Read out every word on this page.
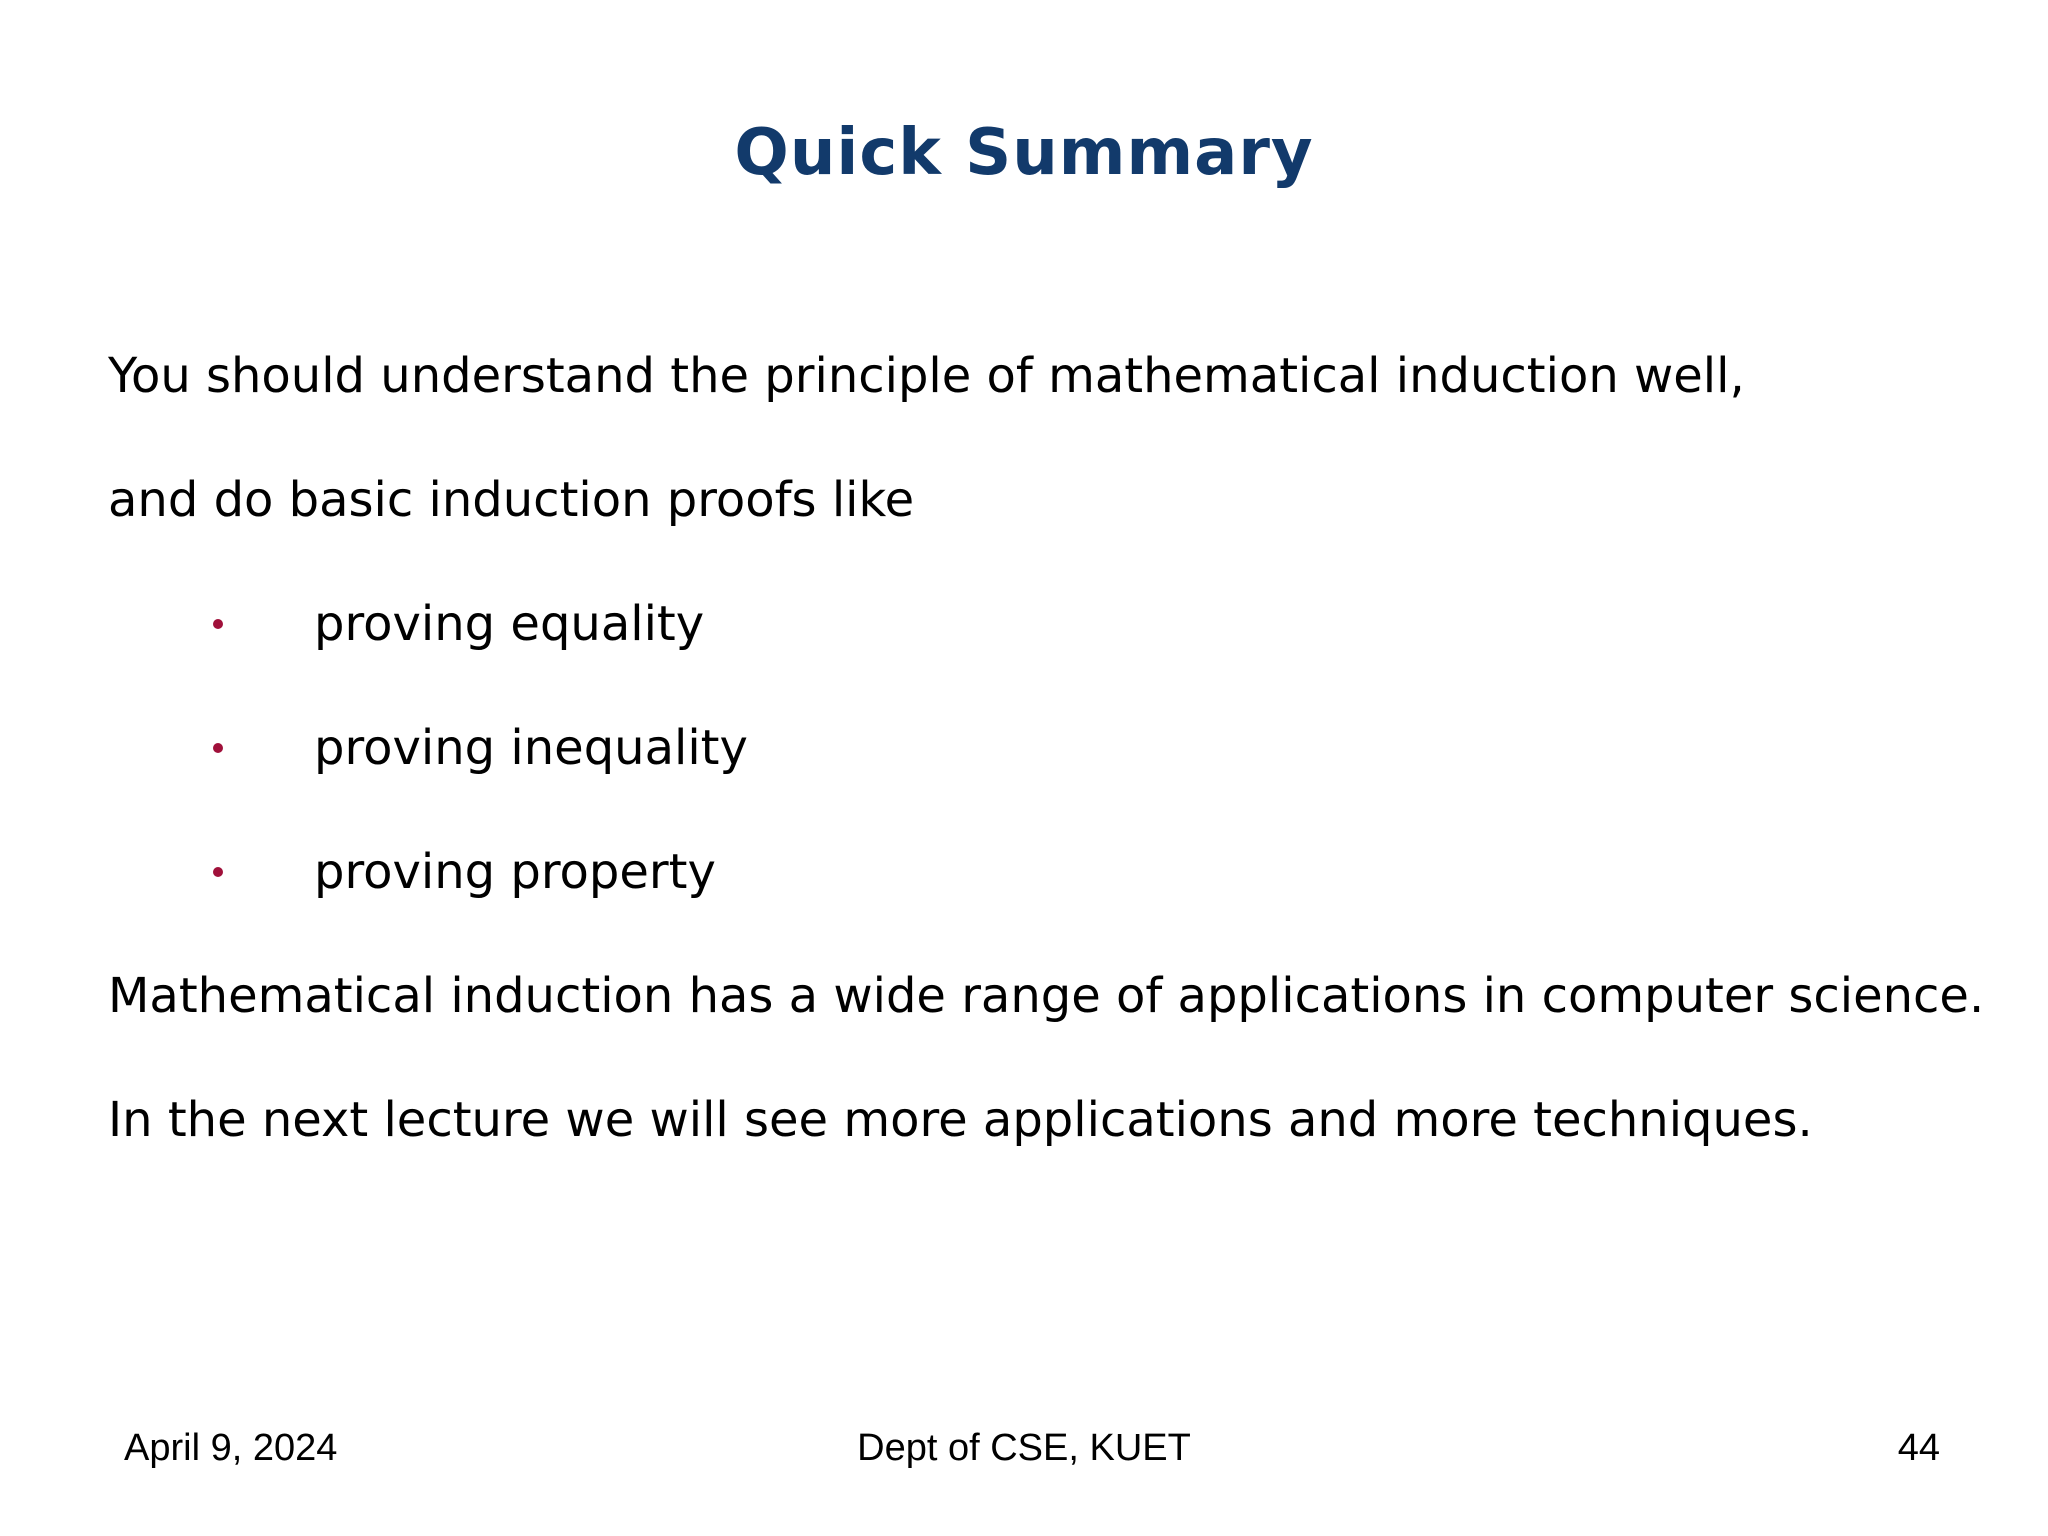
Quick Summary
You should understand the principle of mathematical induction well,
and do basic induction proofs like
proving equality
proving inequality
proving property
Mathematical induction has a wide range of applications in computer science.
In the next lecture we will see more applications and more techniques.
April 9, 2024	Dept of CSE, KUET	44
